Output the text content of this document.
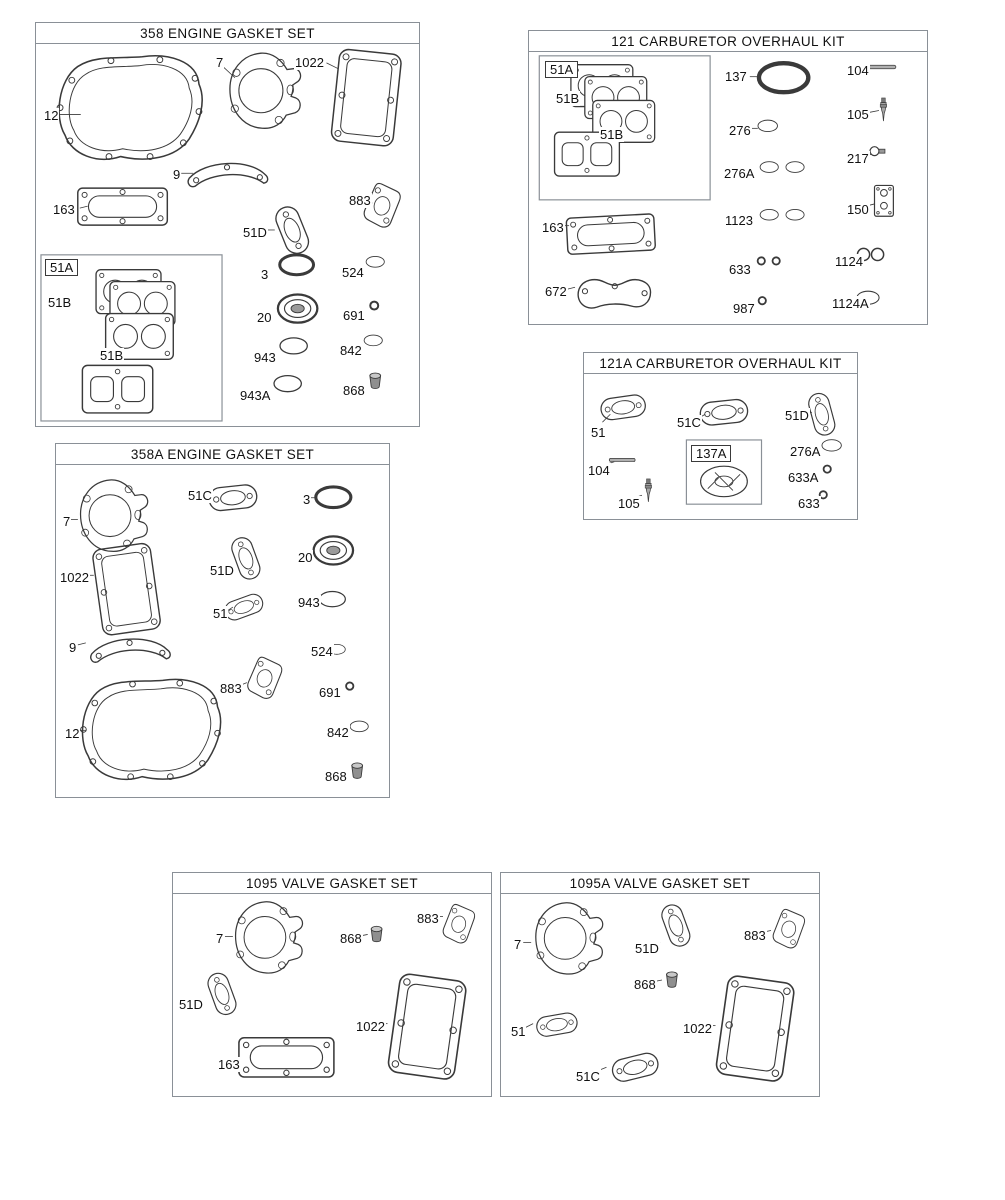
358 ENGINE GASKET SET
12
7	1022
9
163
51D
883
3	524
20	691
943	842
943A	868
51A
51B
51B
121 CARBURETOR OVERHAUL KIT
51A
51B
51B
137	104
105
276
217
276A
1123
150
633
1124
987	1124A
163
672
121A CARBURETOR OVERHAUL KIT
51
51C	51D
104
137A	276A
633A
105	633
358A ENGINE GASKET SET
7
51C	3
1022	51D
20
51
943
9	524
883	691
12	842
868
1095 VALVE GASKET SET
7	868
883
51D
1022
163
1095A VALVE GASKET SET
7	51D
883
868
51	1022
51C
